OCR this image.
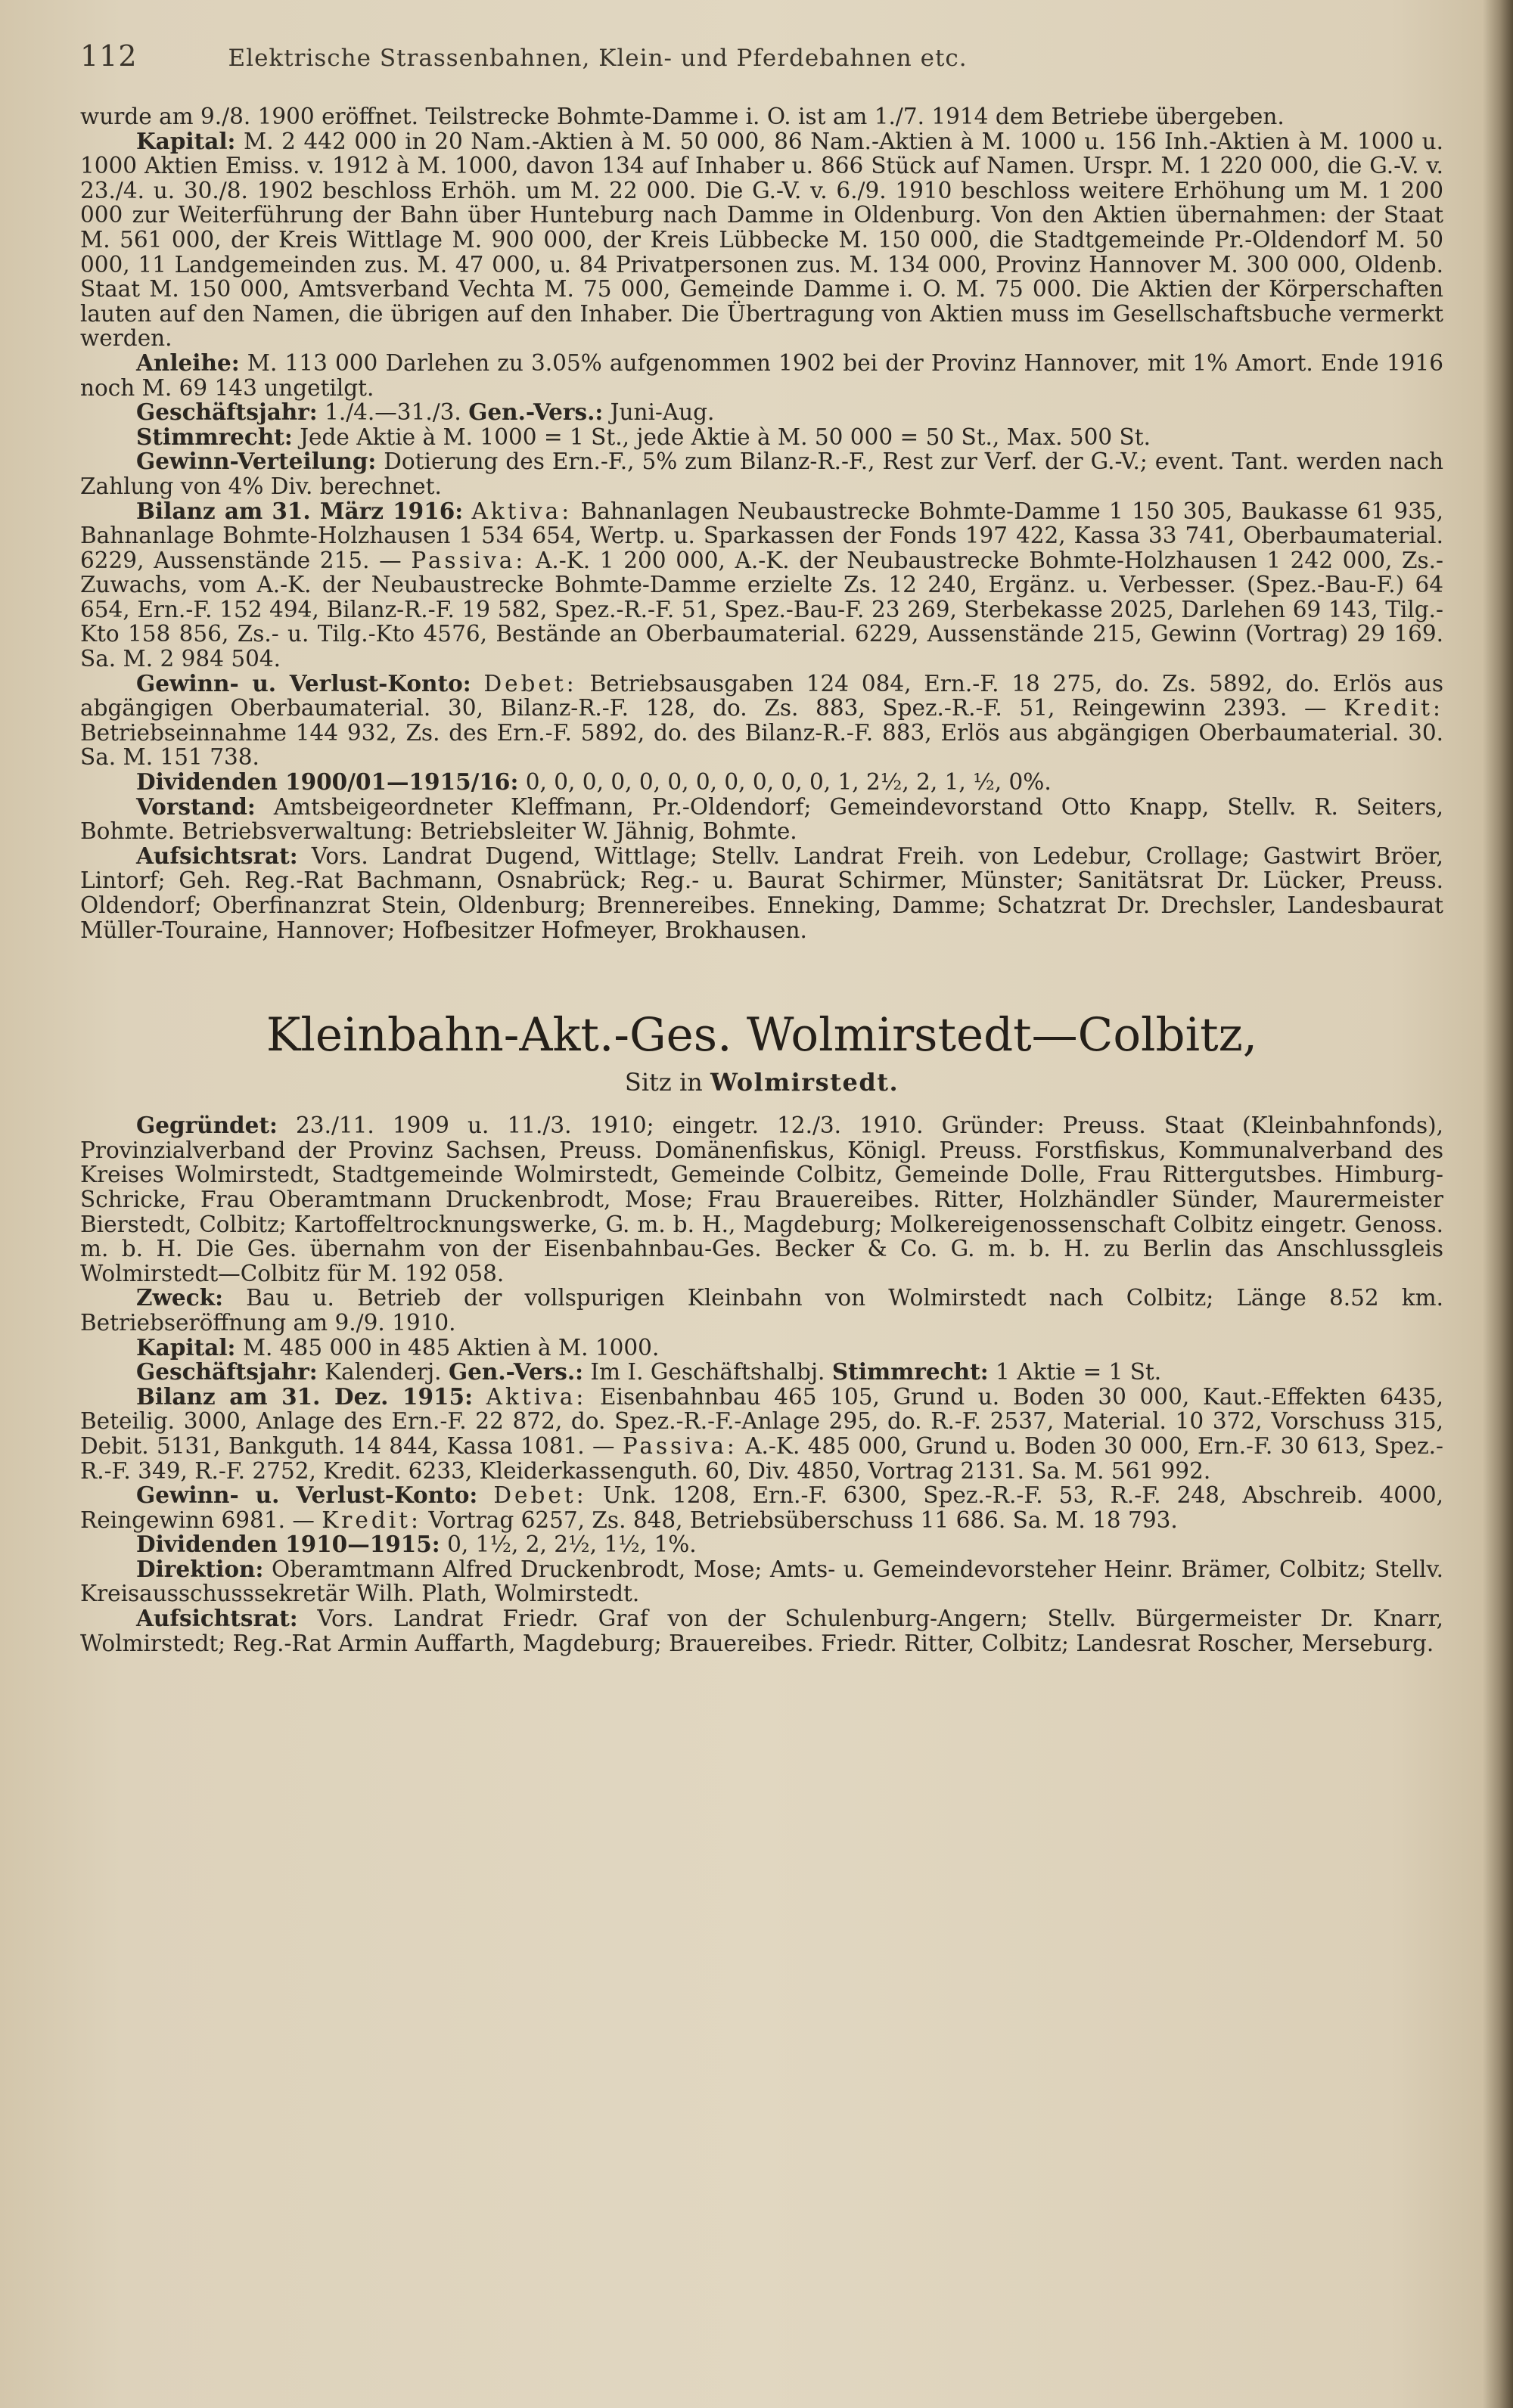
112	Elektrische Strassenbahnen, Klein- und Pferdebahnen etc.

wurde am 9./8. 1900 eröffnet. Teilstrecke Bohmte-Damme i. O. ist am 1./7. 1914 dem Betriebe übergeben.

Kapital: M. 2 442 000 in 20 Nam.-Aktien à M. 50 000, 86 Nam.-Aktien à M. 1000 u. 156 Inh.-Aktien à M. 1000 u. 1000 Aktien Emiss. v. 1912 à M. 1000, davon 134 auf Inhaber u. 866 Stück auf Namen. Urspr. M. 1 220 000, die G.-V. v. 23./4. u. 30./8. 1902 beschloss Erhöh. um M. 22 000. Die G.-V. v. 6./9. 1910 beschloss weitere Erhöhung um M. 1 200 000 zur Weiterführung der Bahn über Hunteburg nach Damme in Oldenburg. Von den Aktien übernahmen: der Staat M. 561 000, der Kreis Wittlage M. 900 000, der Kreis Lübbecke M. 150 000, die Stadtgemeinde Pr.-Oldendorf M. 50 000, 11 Landgemeinden zus. M. 47 000, u. 84 Privatpersonen zus. M. 134 000, Provinz Hannover M. 300 000, Oldenb. Staat M. 150 000, Amtsverband Vechta M. 75 000, Gemeinde Damme i. O. M. 75 000. Die Aktien der Körperschaften lauten auf den Namen, die übrigen auf den Inhaber. Die Übertragung von Aktien muss im Gesellschaftsbuche vermerkt werden.

Anleihe: M. 113 000 Darlehen zu 3.05% aufgenommen 1902 bei der Provinz Hannover, mit 1% Amort. Ende 1916 noch M. 69 143 ungetilgt.

Geschäftsjahr: 1./4.—31./3. Gen.-Vers.: Juni-Aug.

Stimmrecht: Jede Aktie à M. 1000 = 1 St., jede Aktie à M. 50 000 = 50 St., Max. 500 St.

Gewinn-Verteilung: Dotierung des Ern.-F., 5% zum Bilanz-R.-F., Rest zur Verf. der G.-V.; event. Tant. werden nach Zahlung von 4% Div. berechnet.

Bilanz am 31. März 1916: Aktiva: Bahnanlagen Neubaustrecke Bohmte-Damme 1 150 305, Baukasse 61 935, Bahnanlage Bohmte-Holzhausen 1 534 654, Wertp. u. Sparkassen der Fonds 197 422, Kassa 33 741, Oberbaumaterial. 6229, Aussenstände 215. — Passiva: A.-K. 1 200 000, A.-K. der Neubaustrecke Bohmte-Holzhausen 1 242 000, Zs.-Zuwachs, vom A.-K. der Neubaustrecke Bohmte-Damme erzielte Zs. 12 240, Ergänz. u. Verbesser. (Spez.-Bau-F.) 64 654, Ern.-F. 152 494, Bilanz-R.-F. 19 582, Spez.-R.-F. 51, Spez.-Bau-F. 23 269, Sterbekasse 2025, Darlehen 69 143, Tilg.-Kto 158 856, Zs.- u. Tilg.-Kto 4576, Bestände an Oberbaumaterial. 6229, Aussenstände 215, Gewinn (Vortrag) 29 169. Sa. M. 2 984 504.

Gewinn- u. Verlust-Konto: Debet: Betriebsausgaben 124 084, Ern.-F. 18 275, do. Zs. 5892, do. Erlös aus abgängigen Oberbaumaterial. 30, Bilanz-R.-F. 128, do. Zs. 883, Spez.-R.-F. 51, Reingewinn 2393. — Kredit: Betriebseinnahme 144 932, Zs. des Ern.-F. 5892, do. des Bilanz-R.-F. 883, Erlös aus abgängigen Oberbaumaterial. 30. Sa. M. 151 738.

Dividenden 1900/01—1915/16: 0, 0, 0, 0, 0, 0, 0, 0, 0, 0, 0, 1, 2½, 2, 1, ½, 0%.

Vorstand: Amtsbeigeordneter Kleffmann, Pr.-Oldendorf; Gemeindevorstand Otto Knapp, Stellv. R. Seiters, Bohmte. Betriebsverwaltung: Betriebsleiter W. Jähnig, Bohmte.

Aufsichtsrat: Vors. Landrat Dugend, Wittlage; Stellv. Landrat Freih. von Ledebur, Crollage; Gastwirt Bröer, Lintorf; Geh. Reg.-Rat Bachmann, Osnabrück; Reg.- u. Baurat Schirmer, Münster; Sanitätsrat Dr. Lücker, Preuss. Oldendorf; Oberfinanzrat Stein, Oldenburg; Brennereibes. Enneking, Damme; Schatzrat Dr. Drechsler, Landesbaurat Müller-Touraine, Hannover; Hofbesitzer Hofmeyer, Brokhausen.

Kleinbahn-Akt.-Ges. Wolmirstedt—Colbitz,
Sitz in Wolmirstedt.

Gegründet: 23./11. 1909 u. 11./3. 1910; eingetr. 12./3. 1910. Gründer: Preuss. Staat (Kleinbahnfonds), Provinzialverband der Provinz Sachsen, Preuss. Domänenfiskus, Königl. Preuss. Forstfiskus, Kommunalverband des Kreises Wolmirstedt, Stadtgemeinde Wolmirstedt, Gemeinde Colbitz, Gemeinde Dolle, Frau Rittergutsbes. Himburg-Schricke, Frau Oberamtmann Druckenbrodt, Mose; Frau Brauereibes. Ritter, Holzhändler Sünder, Maurermeister Bierstedt, Colbitz; Kartoffeltrocknungswerke, G. m. b. H., Magdeburg; Molkereigenossenschaft Colbitz eingetr. Genoss. m. b. H. Die Ges. übernahm von der Eisenbahnbau-Ges. Becker & Co. G. m. b. H. zu Berlin das Anschlussgleis Wolmirstedt—Colbitz für M. 192 058.

Zweck: Bau u. Betrieb der vollspurigen Kleinbahn von Wolmirstedt nach Colbitz; Länge 8.52 km. Betriebseröffnung am 9./9. 1910.

Kapital: M. 485 000 in 485 Aktien à M. 1000.

Geschäftsjahr: Kalenderj. Gen.-Vers.: Im I. Geschäftshalbj. Stimmrecht: 1 Aktie = 1 St.

Bilanz am 31. Dez. 1915: Aktiva: Eisenbahnbau 465 105, Grund u. Boden 30 000, Kaut.-Effekten 6435, Beteilig. 3000, Anlage des Ern.-F. 22 872, do. Spez.-R.-F.-Anlage 295, do. R.-F. 2537, Material. 10 372, Vorschuss 315, Debit. 5131, Bankguth. 14 844, Kassa 1081. — Passiva: A.-K. 485 000, Grund u. Boden 30 000, Ern.-F. 30 613, Spez.-R.-F. 349, R.-F. 2752, Kredit. 6233, Kleiderkassenguth. 60, Div. 4850, Vortrag 2131. Sa. M. 561 992.

Gewinn- u. Verlust-Konto: Debet: Unk. 1208, Ern.-F. 6300, Spez.-R.-F. 53, R.-F. 248, Abschreib. 4000, Reingewinn 6981. — Kredit: Vortrag 6257, Zs. 848, Betriebsüberschuss 11 686. Sa. M. 18 793.

Dividenden 1910—1915: 0, 1½, 2, 2½, 1½, 1%.

Direktion: Oberamtmann Alfred Druckenbrodt, Mose; Amts- u. Gemeindevorsteher Heinr. Brämer, Colbitz; Stellv. Kreisausschusssekretär Wilh. Plath, Wolmirstedt.

Aufsichtsrat: Vors. Landrat Friedr. Graf von der Schulenburg-Angern; Stellv. Bürgermeister Dr. Knarr, Wolmirstedt; Reg.-Rat Armin Auffarth, Magdeburg; Brauereibes. Friedr. Ritter, Colbitz; Landesrat Roscher, Merseburg.
